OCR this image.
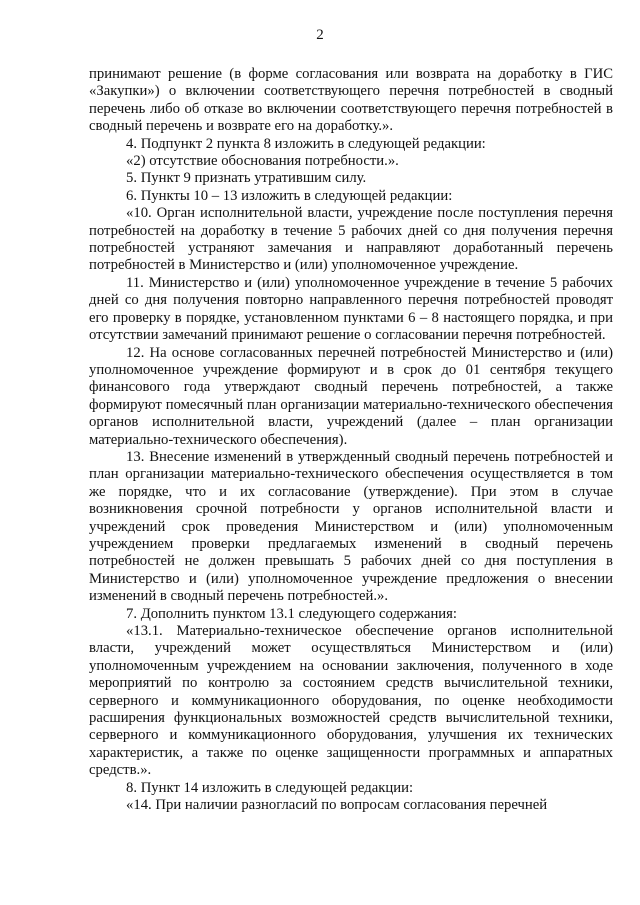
2

принимают решение (в форме согласования или возврата на доработку в ГИС «Закупки») о включении соответствующего перечня потребностей в сводный перечень либо об отказе во включении соответствующего перечня потребностей в сводный перечень и возврате его на доработку.».

4. Подпункт 2 пункта 8 изложить в следующей редакции:

«2) отсутствие обоснования потребности.».

5. Пункт 9 признать утратившим силу.

6. Пункты 10 – 13 изложить в следующей редакции:

«10. Орган исполнительной власти, учреждение после поступления перечня потребностей на доработку в течение 5 рабочих дней со дня получения перечня потребностей устраняют замечания и направляют доработанный перечень потребностей в Министерство и (или) уполномоченное учреждение.

11. Министерство и (или) уполномоченное учреждение в течение 5 рабочих дней со дня получения повторно направленного перечня потребностей проводят его проверку в порядке, установленном пунктами 6 – 8 настоящего порядка, и при отсутствии замечаний принимают решение о согласовании перечня потребностей.

12. На основе согласованных перечней потребностей Министерство и (или) уполномоченное учреждение формируют и в срок до 01 сентября текущего финансового года утверждают сводный перечень потребностей, а также формируют помесячный план организации материально-технического обеспечения органов исполнительной власти, учреждений (далее – план организации материально-технического обеспечения).

13. Внесение изменений в утвержденный сводный перечень потребностей и план организации материально-технического обеспечения осуществляется в том же порядке, что и их согласование (утверждение). При этом в случае возникновения срочной потребности у органов исполнительной власти и учреждений срок проведения Министерством и (или) уполномоченным учреждением проверки предлагаемых изменений в сводный перечень потребностей не должен превышать 5 рабочих дней со дня поступления в Министерство и (или) уполномоченное учреждение предложения о внесении изменений в сводный перечень потребностей.».

7. Дополнить пунктом 13.1 следующего содержания:

«13.1. Материально-техническое обеспечение органов исполнительной власти, учреждений может осуществляться Министерством и (или) уполномоченным учреждением на основании заключения, полученного в ходе мероприятий по контролю за состоянием средств вычислительной техники, серверного и коммуникационного оборудования, по оценке необходимости расширения функциональных возможностей средств вычислительной техники, серверного и коммуникационного оборудования, улучшения их технических характеристик, а также по оценке защищенности программных и аппаратных средств.».

8. Пункт 14 изложить в следующей редакции:

«14. При наличии разногласий по вопросам согласования перечней
